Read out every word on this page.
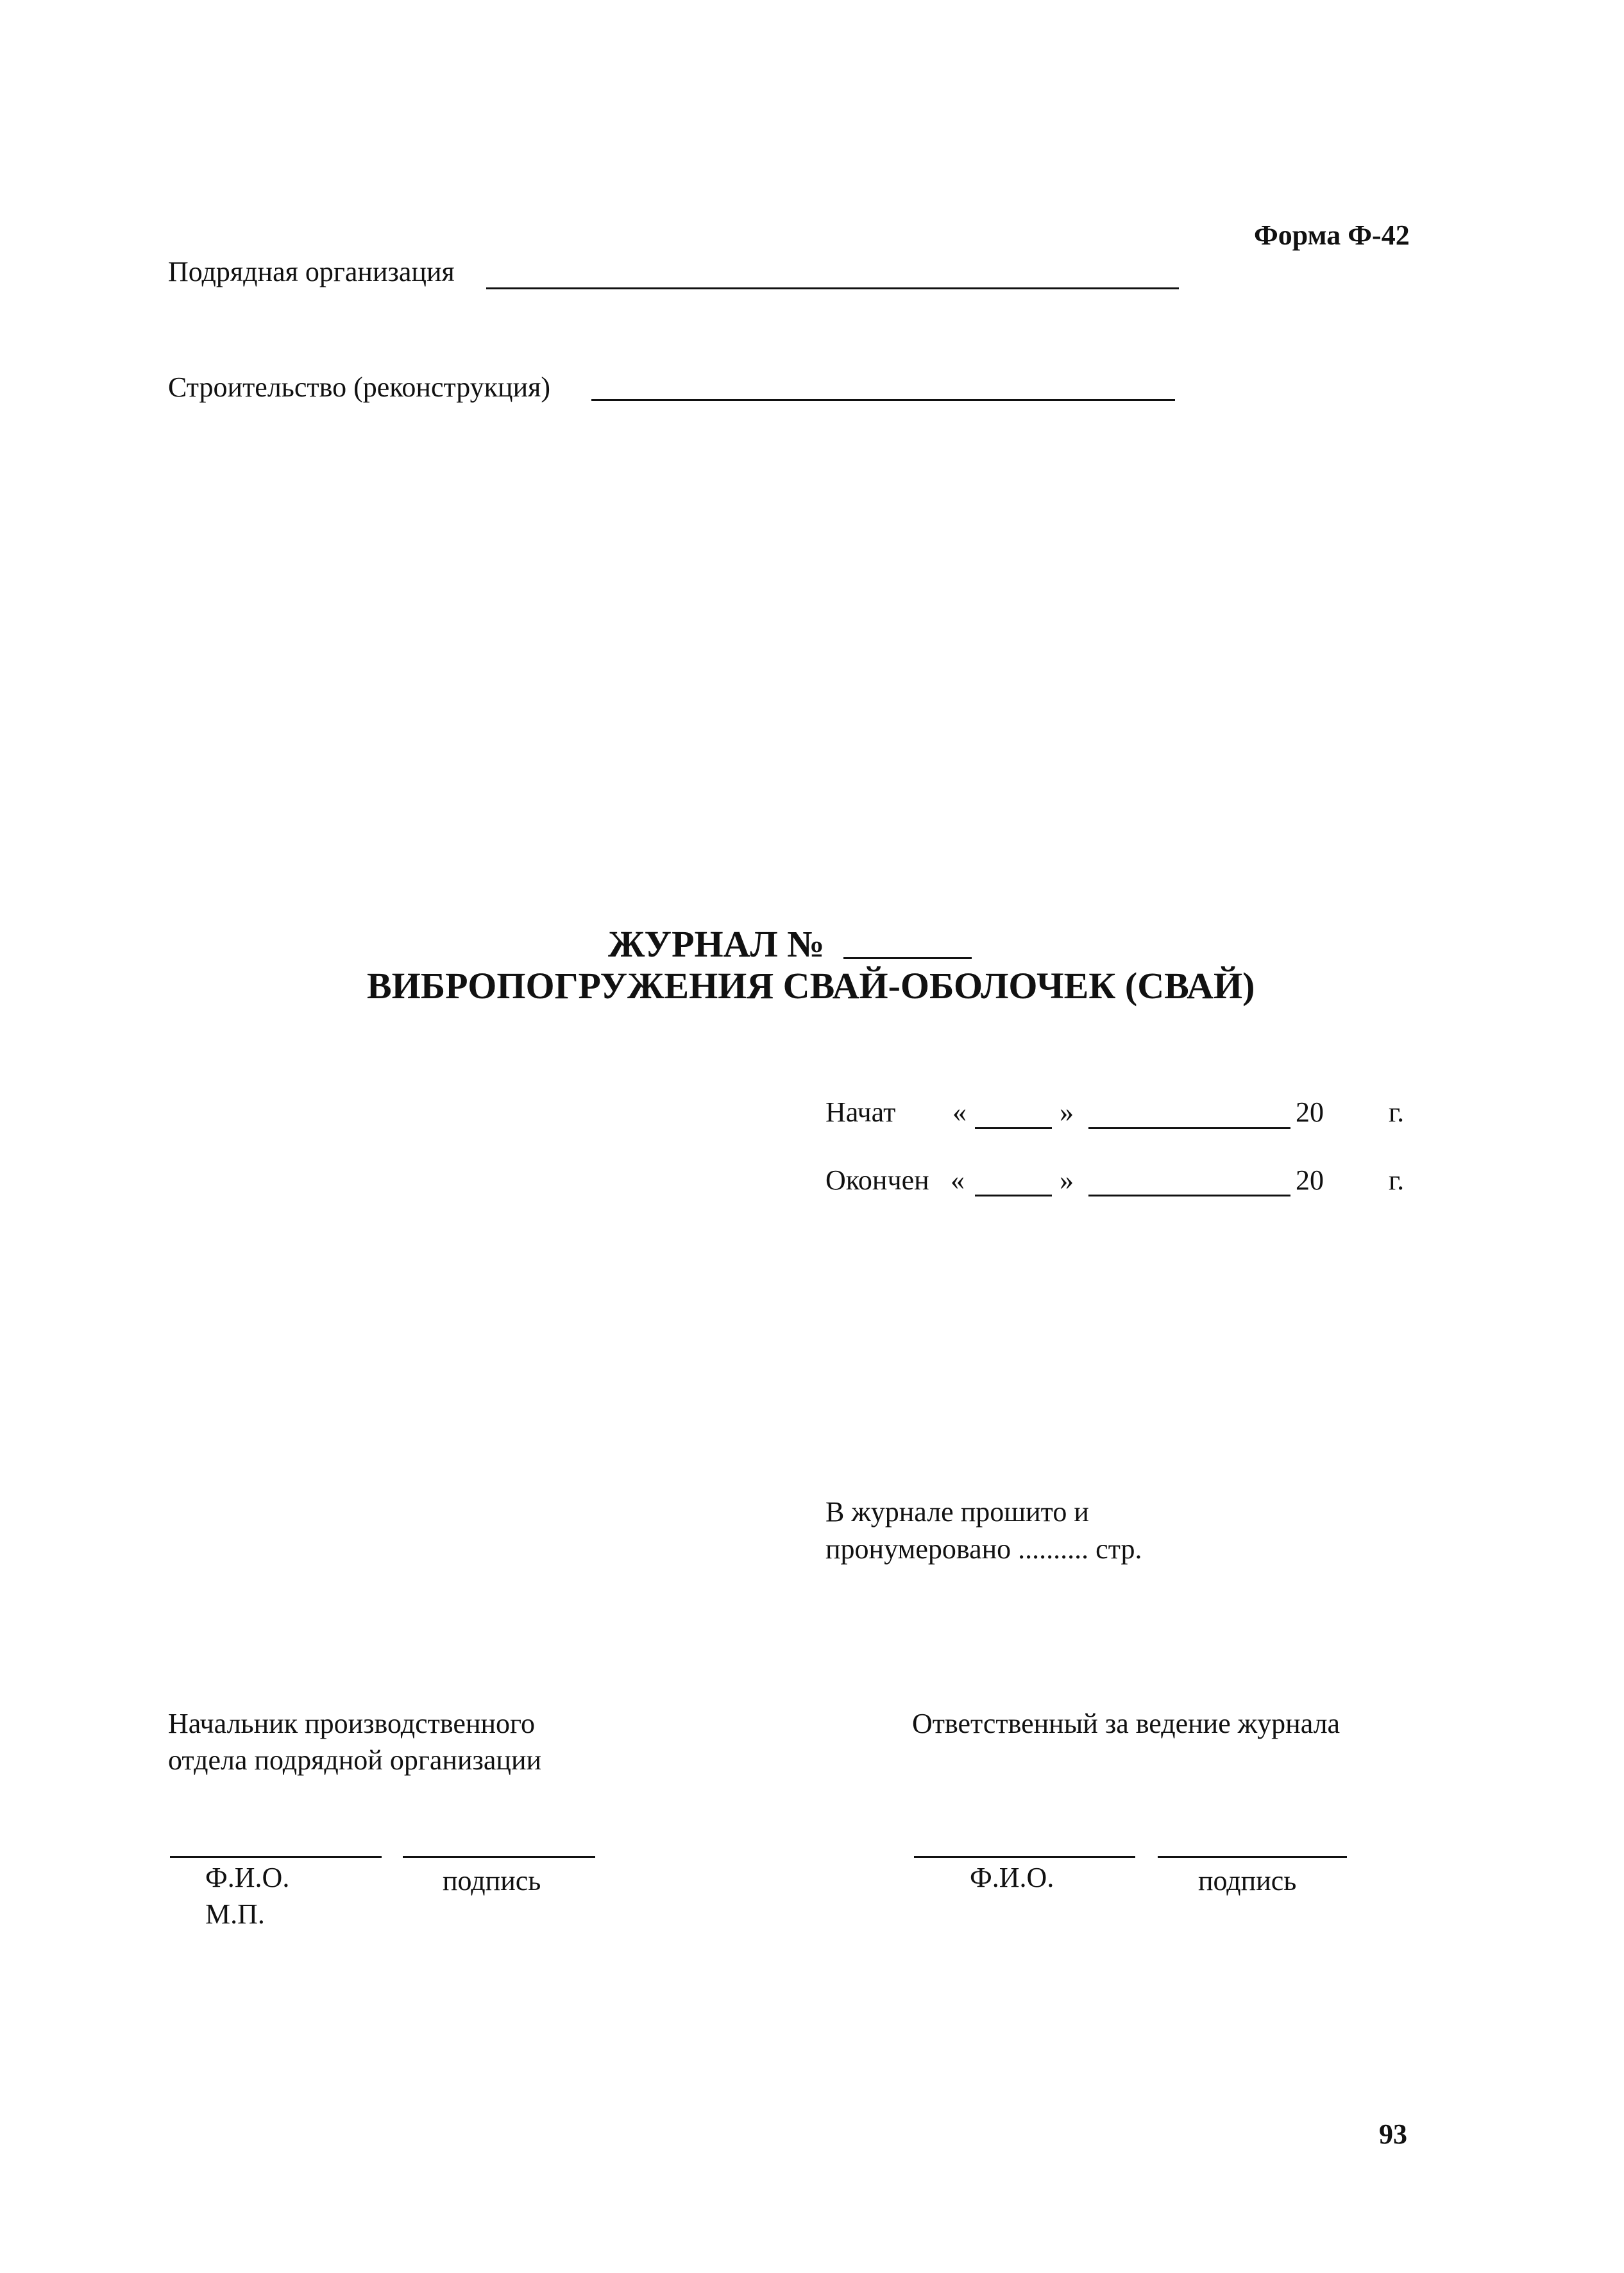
Форма Ф-42
Подрядная организация
Строительство (реконструкция)
ЖУРНАЛ №
ВИБРОПОГРУЖЕНИЯ СВАЙ-ОБОЛОЧЕК (СВАЙ)
Начат «	»	20 г.
Окончен «	»	20 г.
В журнале прошито и
пронумеровано .......... стр.
Начальник производственного
отдела подрядной организации
Ф.И.О.	подпись
М.П.
Ответственный за ведение журнала
Ф.И.О.	подпись
93
